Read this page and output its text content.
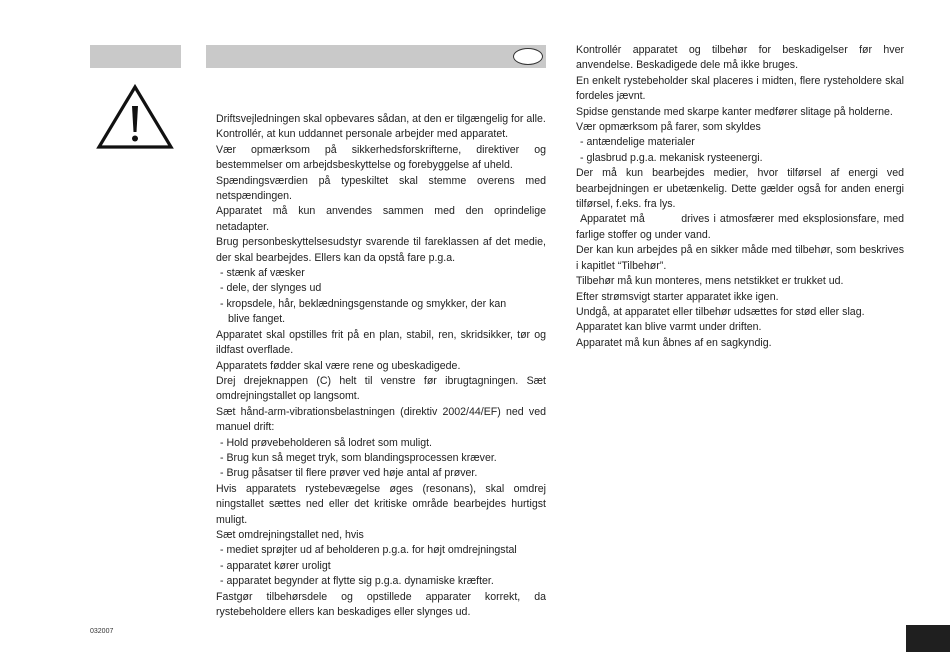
Driftsvejledningen skal opbevares sådan, at den er tilgængelig for alle.

Kontrollér, at kun uddannet personale arbejder med apparatet.

Vær opmærksom på sikkerhedsforskrifterne, direktiver og bestemmelser om arbejdsbeskyttelse og forebyggelse af uheld.

Spændingsværdien på typeskiltet skal stemme overens med netspændingen.

Apparatet må kun anvendes sammen med den oprindelige netadapter.

Brug personbeskyttelsesudstyr svarende til fareklassen af det medie, der skal bearbejdes. Ellers kan da opstå fare p.g.a.

- stænk af væsker

- dele, der slynges ud

- kropsdele, hår, beklædningsgenstande og smykker, der kan

blive fanget.

Apparatet skal opstilles frit på en plan, stabil, ren, skridsikker, tør og ildfast overflade.

Apparatets fødder skal være rene og ubeskadigede.

Drej drejeknappen (C) helt til venstre før ibrugtagningen. Sæt omdrejningstallet op langsomt.

Sæt hånd-arm-vibrationsbelastningen (direktiv 2002/44/EF) ned ved manuel drift:

- Hold prøvebeholderen så lodret som muligt.

- Brug kun så meget tryk, som blandingsprocessen kræver.

- Brug påsatser til flere prøver ved høje antal af prøver.

Hvis apparatets rystebevægelse øges (resonans), skal omdrej ningstallet sættes ned eller det kritiske område bearbejdes hurtigst muligt.

Sæt omdrejningstallet ned, hvis

- mediet sprøjter ud af beholderen p.g.a. for højt omdrejningstal

- apparatet kører uroligt

- apparatet begynder at flytte sig p.g.a. dynamiske kræfter.

Fastgør tilbehørsdele og opstillede apparater korrekt, da rystebeholdere ellers kan beskadiges eller slynges ud.

Kontrollér apparatet og tilbehør for beskadigelser før hver anvendelse. Beskadigede dele må ikke bruges.

En enkelt rystebeholder skal placeres i midten, flere rysteholdere skal fordeles jævnt.

Spidse genstande med skarpe kanter medfører slitage på holderne.

Vær opmærksom på farer, som skyldes

- antændelige materialer

- glasbrud p.g.a. mekanisk rysteenergi.

Der må kun bearbejdes medier, hvor tilførsel af energi ved bearbejdningen er ubetænkelig. Dette gælder også for anden energi tilførsel, f.eks. fra lys.

Apparatet må         drives i atmosfærer med eksplosionsfare, med farlige stoffer og under vand.

Der kan kun arbejdes på en sikker måde med tilbehør, som beskrives i kapitlet “Tilbehør”.

Tilbehør må kun monteres, mens netstikket er trukket ud.

Efter strømsvigt starter apparatet ikke igen.

Undgå, at apparatet eller tilbehør udsættes for stød eller slag.

Apparatet kan blive varmt under driften.

Apparatet må kun åbnes af en sagkyndig.

032007
